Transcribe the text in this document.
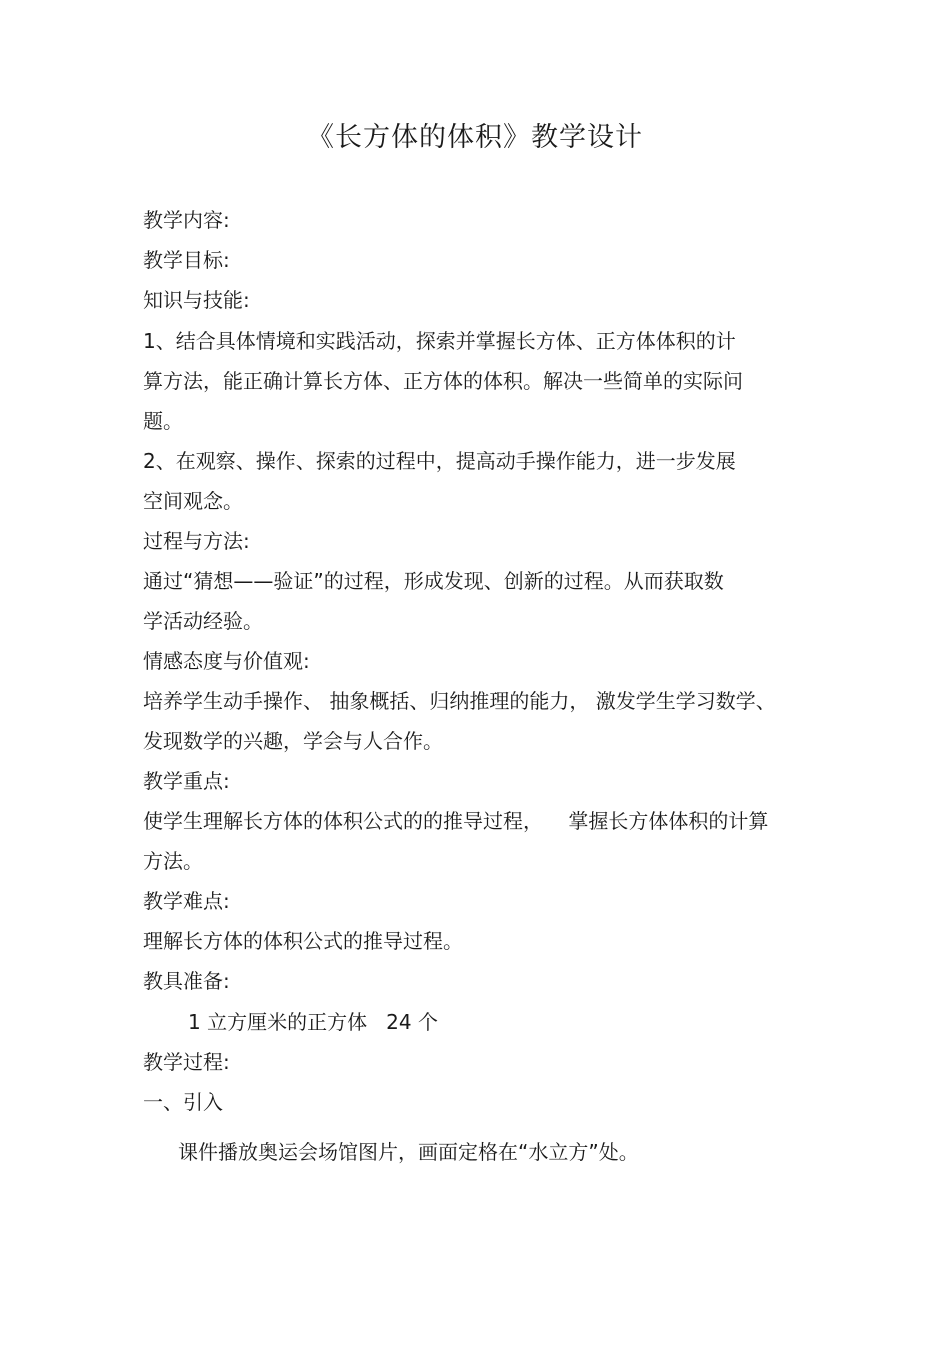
《长方体的体积》教学设计
教学内容:
教学目标:
知识与技能:
1、结合具体情境和实践活动，探索并掌握长方体、正方体体积的计
算方法，能正确计算长方体、正方体的体积。解决一些简单的实际问
题。
2、在观察、操作、探索的过程中，提高动手操作能力，进一步发展
空间观念。
过程与方法:
通过“猜想——验证”的过程，形成发现、创新的过程。从而获取数
学活动经验。
情感态度与价值观:
培养学生动手操作、 抽象概括、归纳推理的能力， 激发学生学习数学、
发现数学的兴趣，学会与人合作。
教学重点:
使学生理解长方体的体积公式的的推导过程，    掌握长方体体积的计算
方法。
教学难点:
理解长方体的体积公式的推导过程。
教具准备:
1 立方厘米的正方体   24 个
教学过程:
一、引入
课件播放奥运会场馆图片，画面定格在“水立方”处。
